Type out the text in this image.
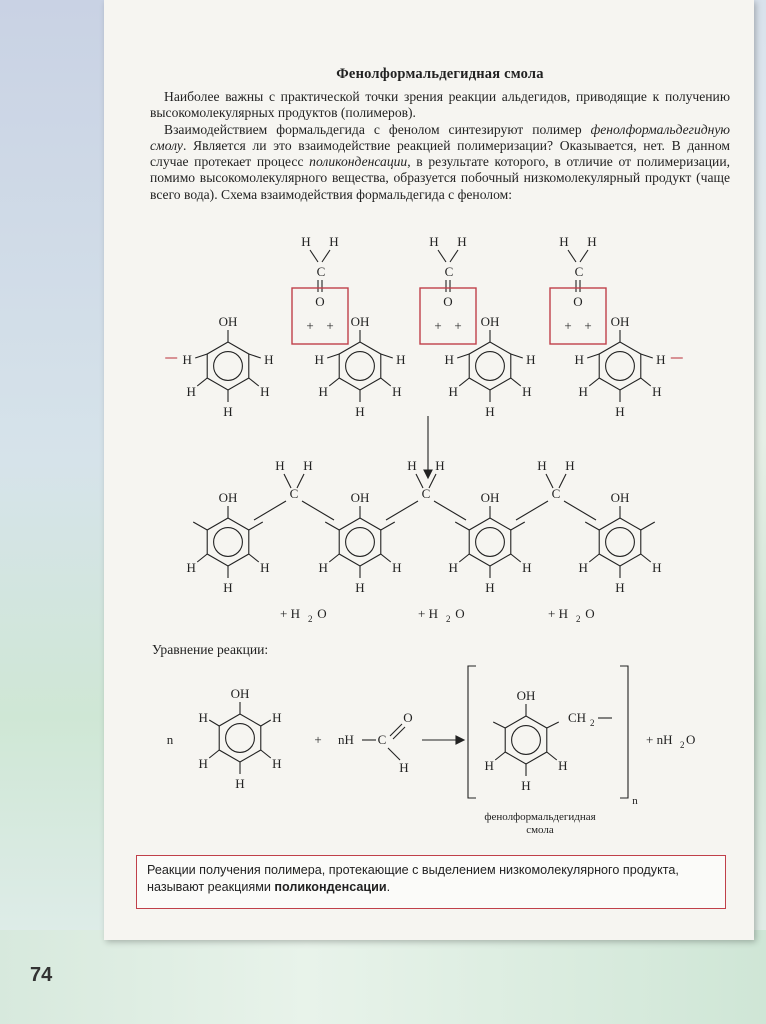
Фенолформальдегидная смола

Наиболее важны с практической точки зрения реакции альдегидов, приводящие к получению высокомолекулярных продуктов (полимеров).

Взаимодействием формальдегида с фенолом синтезируют полимер фенолформальдегидную смолу. Является ли это взаимодействие реакцией полимеризации? Оказывается, нет. В данном случае протекает процесс поликонденсации, в результате которого, в отличие от полимеризации, помимо высокомолекулярного вещества, образуется побочный низкомолекулярный продукт (чаще всего вода). Схема взаимодействия формальдегида с фенолом:

H H
C
O
+ +
H H
C
O
+ +
H H
C
O
+ +
OH
H	H
H
H	H
OH
H	H
H
H	H
OH
H	H
H
H	H
OH
H	H
H
H	H
OH
H	H
H
OH
H	H
H
OH
H	H
H
OH
H	H
H
C
H H
C
H H
C
H H
+ H 2 O	+ H 2 O	+ H 2 O
Уравнение реакции:
n
OH
H	H
H
H	H
+ nH C
O
H
n
OH
H	H
H
CH 2
+ nH 2 O
фенолформальдегидная
смола
Реакции получения полимера, протекающие с выделением низкомолекулярного продукта, называют реакциями поликонденсации.
74
